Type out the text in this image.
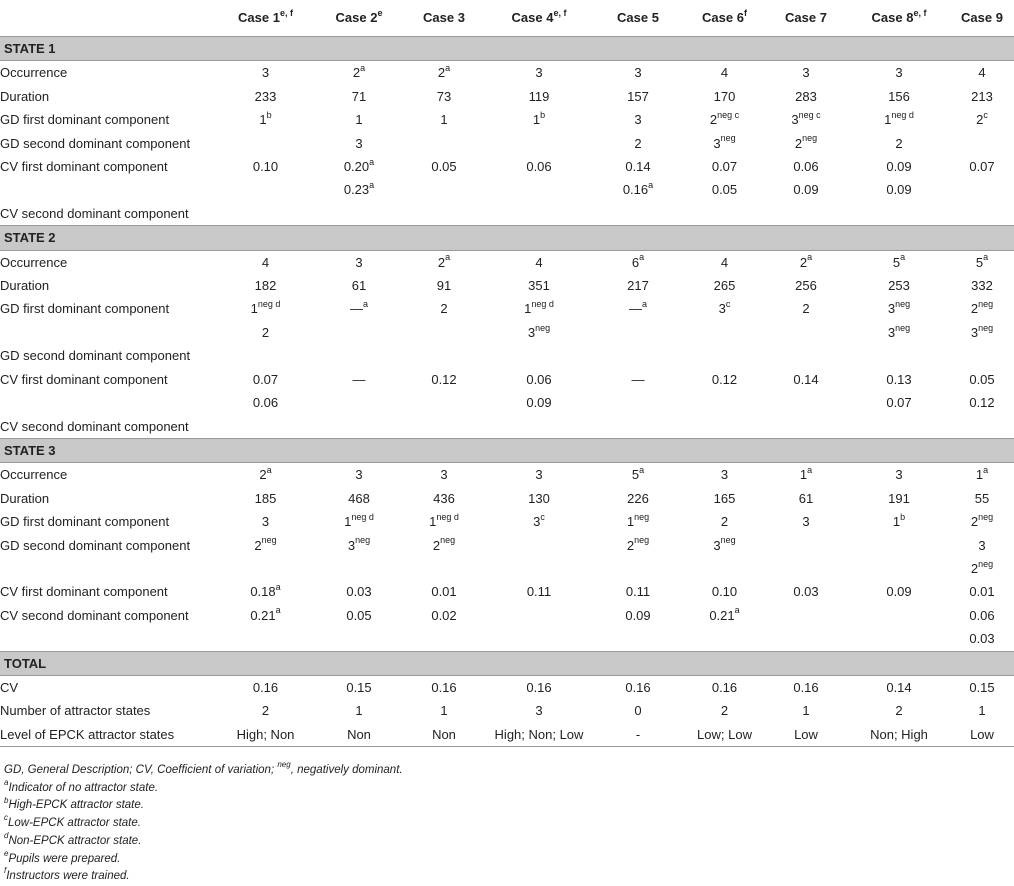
	Case 1$^{e, f}$	Case 2e	Case 3	Case 4$^{e, f}$	Case 5	Case 6$^f$	Case 7	Case 8$^{e, f}$	Case 9
STATE 1									
Occurrence	3	2$^a$	2$^a$	3	3	4	3	3	4
Duration	233	71	73	119	157	170	283	156	213
GD first dominant component	1$^b$	1	1	1$^b$	3	$2^{neg c}$	$3^{neg c}$	$1^{neg d}$	2$^c$
GD second dominant component		3			2	$3^{neg}$	$2^{neg}$	2	
CV first dominant component	0.10	0.20$^a$	0.05	0.06	0.14	0.07	0.06	0.09	0.07
		0.23$^a$			0.16$^a$	0.05	0.09	0.09	
CV second dominant component									
STATE 2									
Occurrence	4	3	2$^a$	4	6$^a$	4	2$^a$	5$^a$	5$^a$
Duration	182	61	91	351	217	265	256	253	332
GD first dominant component	$1^{neg d}$	—$^a$	2	$1^{neg d}$	—$^a$	3$^c$	2	$3^{neg}$	$2^{neg}$
	2			$3^{neg}$				$3^{neg}$	$3^{neg}$
GD second dominant component									
CV first dominant component	0.07	—	0.12	0.06	—	0.12	0.14	0.13	0.05
	0.06			0.09				0.07	0.12
CV second dominant component									
STATE 3									
Occurrence	2$^a$	3	3	3	5$^a$	3	1$^a$	3	1$^a$
Duration	185	468	436	130	226	165	61	191	55
GD first dominant component	3	$1^{neg d}$	$1^{neg d}$	3$^c$	$1^{neg}$	2	3	1$^b$	$2^{neg}$
GD second dominant component	$2^{neg}$	$3^{neg}$	$2^{neg}$		$2^{neg}$	$3^{neg}$			3
									$2^{neg}$
CV first dominant component	0.18$^a$	0.03	0.01	0.11	0.11	0.10	0.03	0.09	0.01
CV second dominant component	0.21$^a$	0.05	0.02		0.09	0.21$^a$			0.06
									0.03
TOTAL									
CV	0.16	0.15	0.16	0.16	0.16	0.16	0.16	0.14	0.15
Number of attractor states	2	1	1	3	0	2	1	2	1
Level of EPCK attractor states	High; Non	Non	Non	High; Non; Low	-	Low; Low	Low	Non; High	Low
GD, General Description; CV, Coefficient of variation; $^{neg}$, negatively dominant.
$^a$Indicator of no attractor state.
$^b$High-EPCK attractor state.
$^c$Low-EPCK attractor state.
$^d$Non-EPCK attractor state.
$^e$Pupils were prepared.
$^f$Instructors were trained.
